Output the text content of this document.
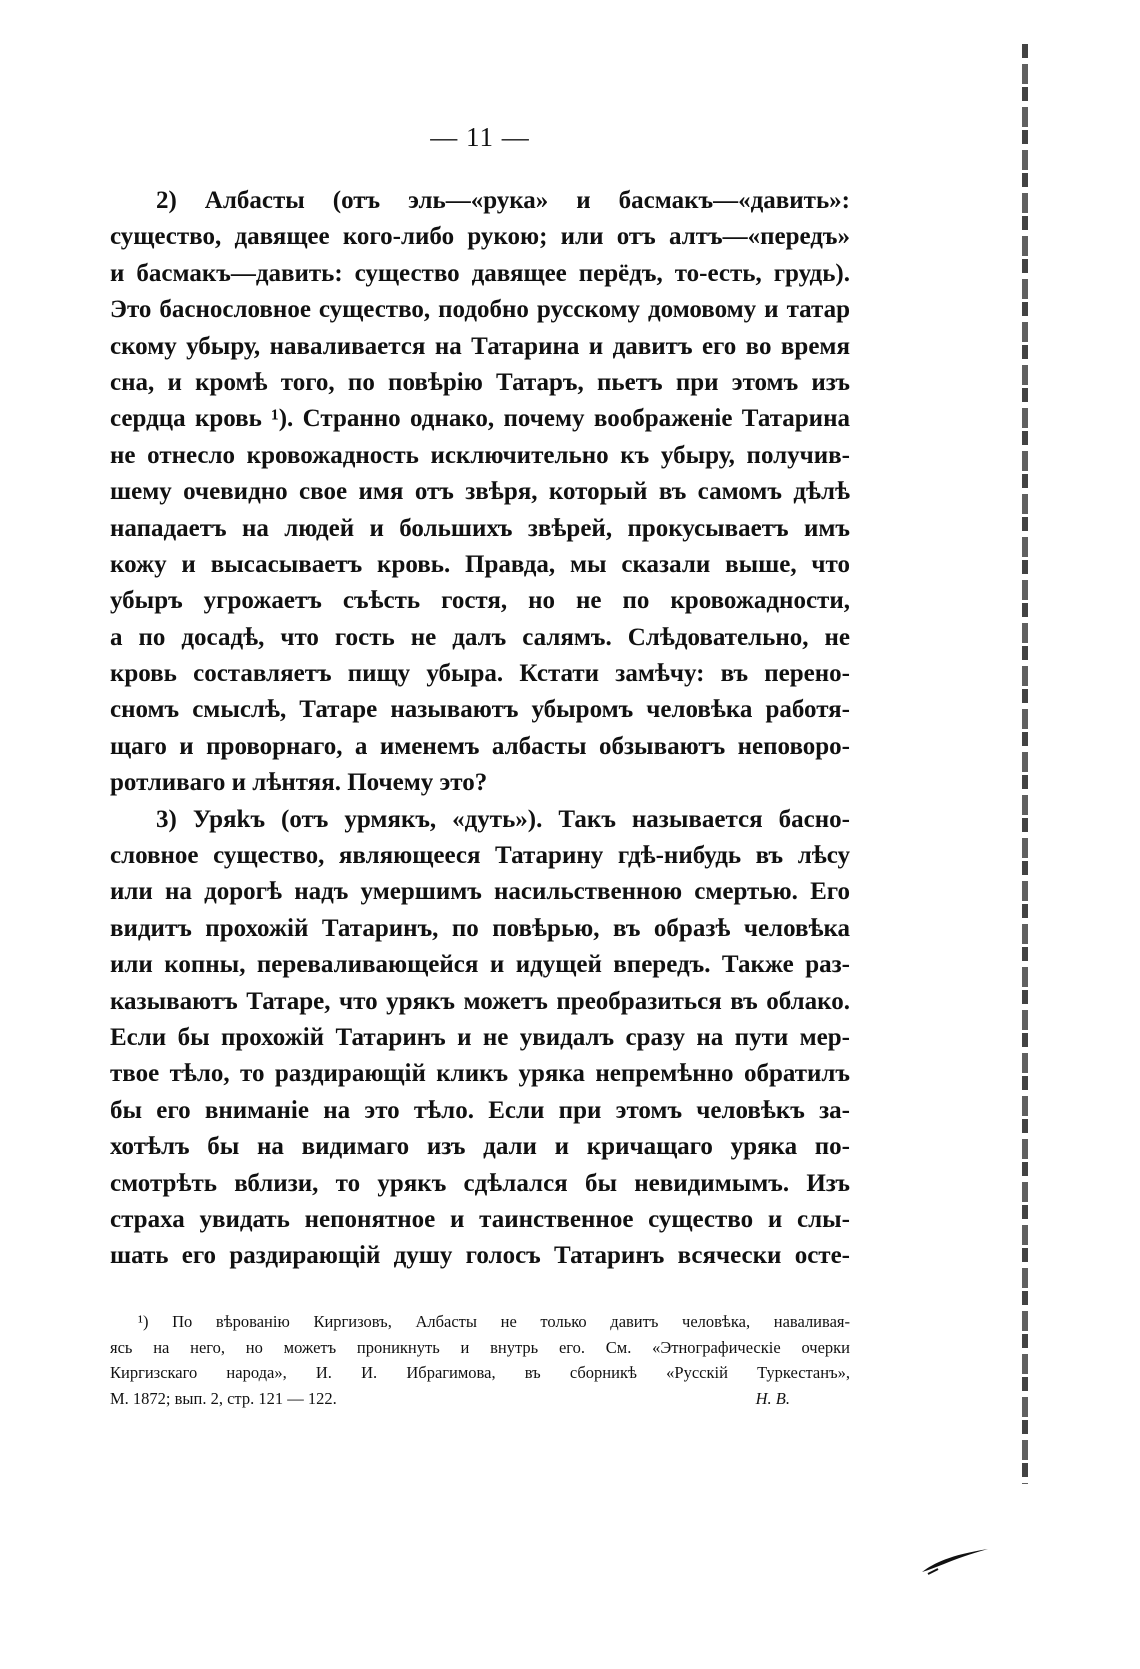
— 11 —
2) Албасты (отъ эль—«рука» и басмакъ—«давить»:
существо, давящее кого-либо рукою; или отъ алтъ—«передъ»
и басмакъ—давить: существо давящее перёдъ, то-есть, грудь).
Это баснословное существо, подобно русскому домовому и татар
скому убыру, наваливается на Татарина и давитъ его во время
сна, и кромѣ того, по повѣрію Татаръ, пьетъ при этомъ изъ
сердца кровь ¹). Странно однако, почему воображеніе Татарина
не отнесло кровожадность исключительно къ убыру, получив-
шему очевидно свое имя отъ звѣря, который въ самомъ дѣлѣ
нападаетъ на людей и большихъ звѣрей, прокусываетъ имъ
кожу и высасываетъ кровь. Правда, мы сказали выше, что
убыръ угрожаетъ съѣсть гостя, но не по кровожадности,
а по досадѣ, что гость не далъ салямъ. Слѣдовательно, не
кровь составляетъ пищу убыра. Кстати замѣчу: въ перено-
сномъ смыслѣ, Татаре называютъ убыромъ человѣка работя-
щаго и проворнаго, а именемъ албасты обзываютъ неповоро-
ротливаго и лѣнтяя. Почему это?
3) Уряkъ (отъ урмякъ, «дуть»). Такъ называется басно-
словное существо, являющееся Татарину гдѣ-нибудь въ лѣсу
или на дорогѣ надъ умершимъ насильственною смертью. Его
видитъ прохожій Татаринъ, по повѣрью, въ образѣ человѣка
или копны, переваливающейся и идущей впередъ. Также раз-
казываютъ Татаре, что урякъ можетъ преобразиться въ облако.
Если бы прохожій Татаринъ и не увидалъ сразу на пути мер-
твое тѣло, то раздирающій кликъ уряка непремѣнно обратилъ
бы его вниманіе на это тѣло. Если при этомъ человѣкъ за-
хотѣлъ бы на видимаго изъ дали и кричащаго уряка по-
смотрѣть вблизи, то урякъ сдѣлался бы невидимымъ. Изъ
страха увидать непонятное и таинственное существо и слы-
шать его раздирающій душу голосъ Татаринъ всячески осте-
¹) По вѣрованію Киргизовъ, Албасты не только давитъ человѣка, наваливая-
ясь на него, но можетъ проникнуть и внутрь его. См. «Этнографическіе очерки
Киргизскаго народа», И. И. Ибрагимова, въ сборникѣ «Русскій Туркестанъ»,
М. 1872; вып. 2, стр. 121 — 122.	Н. В.
